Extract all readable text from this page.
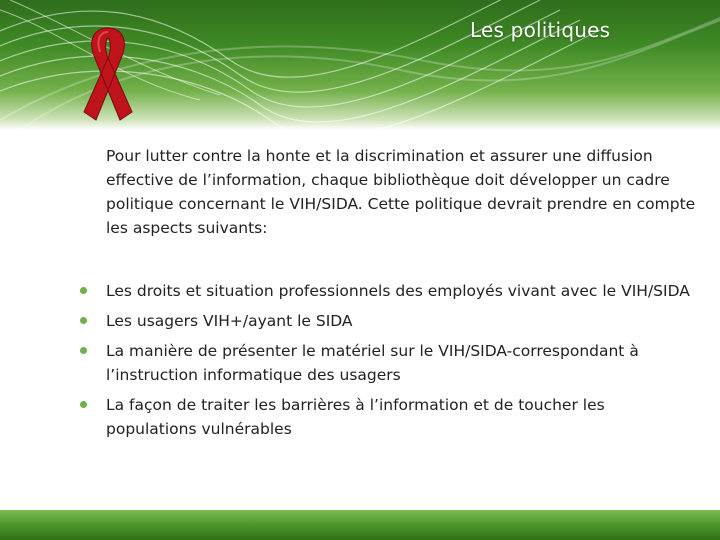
Les politiques
Pour lutter contre la honte et la discrimination et assurer une diffusion effective de l’information, chaque bibliothèque doit développer un cadre politique concernant le VIH/SIDA. Cette politique devrait prendre en compte les aspects suivants:
Les droits et situation professionnels des employés vivant avec le VIH/SIDA
Les usagers VIH+/ayant le SIDA
La manière de présenter le matériel sur le VIH/SIDA-correspondant à l’instruction informatique des usagers
La façon de traiter les barrières à l’information et de toucher les populations vulnérables
